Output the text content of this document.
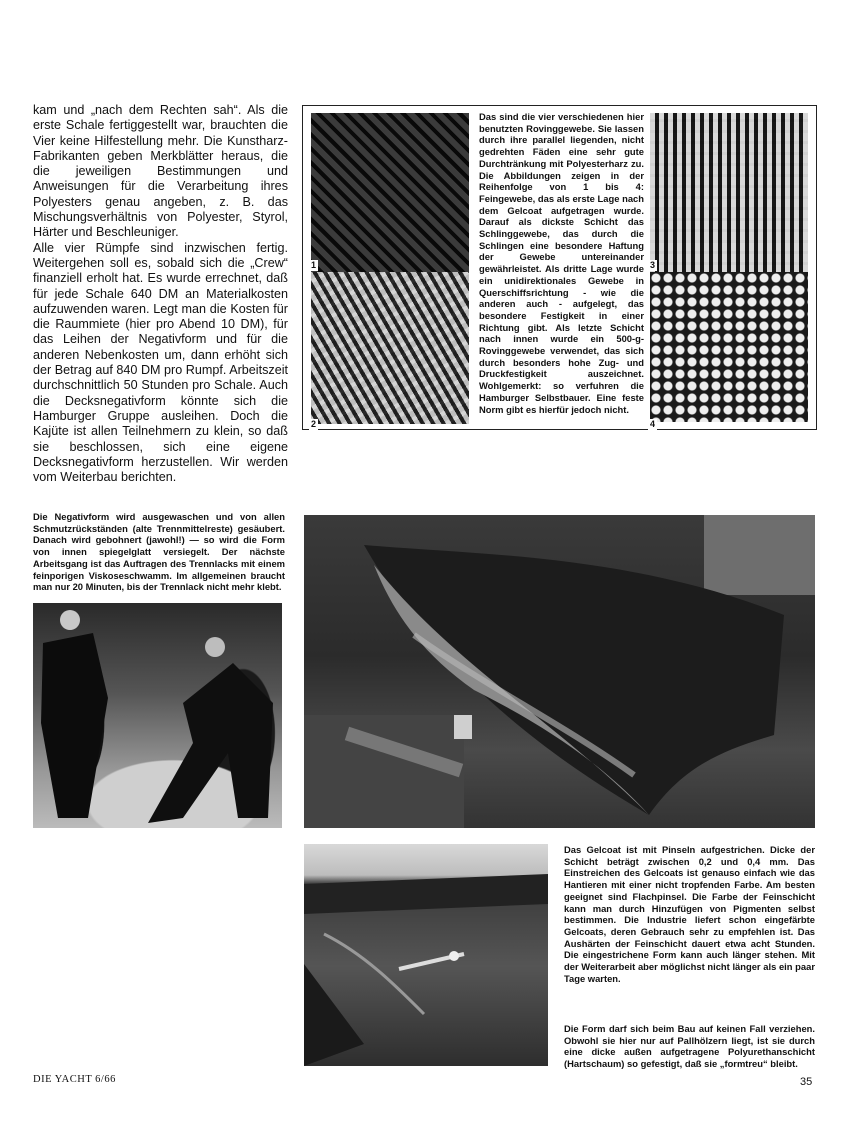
kam und „nach dem Rechten sah“. Als die erste Schale fertiggestellt war, brauchten die Vier keine Hilfestellung mehr. Die Kunstharz-Fabrikanten geben Merkblätter heraus, die die jeweiligen Bestimmungen und Anweisungen für die Verarbeitung ihres Polyesters genau angeben, z. B. das Mischungsverhältnis von Polyester, Styrol, Härter und Beschleuniger.

Alle vier Rümpfe sind inzwischen fertig. Weitergehen soll es, sobald sich die „Crew“ finanziell erholt hat. Es wurde errechnet, daß für jede Schale 640 DM an Materialkosten aufzuwenden waren. Legt man die Kosten für die Raummiete (hier pro Abend 10 DM), für das Leihen der Negativform und für die anderen Nebenkosten um, dann erhöht sich der Betrag auf 840 DM pro Rumpf. Arbeitszeit durchschnittlich 50 Stunden pro Schale. Auch die Decksnegativform könnte sich die Hamburger Gruppe ausleihen. Doch die Kajüte ist allen Teilnehmern zu klein, so daß sie beschlossen, sich eine eigene Decksnegativform herzustellen. Wir werden vom Weiterbau berichten.

1
2
Das sind die vier verschiedenen hier benutzten Rovinggewebe. Sie lassen durch ihre parallel liegenden, nicht gedrehten Fäden eine sehr gute Durchtränkung mit Polyesterharz zu. Die Abbildungen zeigen in der Reihenfolge von 1 bis 4: Feingewebe, das als erste Lage nach dem Gelcoat aufgetragen wurde. Darauf als dickste Schicht das Schlinggewebe, das durch die Schlingen eine besondere Haftung der Gewebe untereinander gewährleistet. Als dritte Lage wurde ein unidirektionales Gewebe in Querschiffsrichtung - wie die anderen auch - aufgelegt, das besondere Festigkeit in einer Richtung gibt. Als letzte Schicht nach innen wurde ein 500-g-Rovinggewebe verwendet, das sich durch besonders hohe Zug- und Druckfestigkeit auszeichnet. Wohlgemerkt: so verfuhren die Hamburger Selbstbauer. Eine feste Norm gibt es hierfür jedoch nicht.
3
4
Die Negativform wird ausgewaschen und von allen Schmutzrückständen (alte Trennmittelreste) gesäubert. Danach wird gebohnert (jawohl!) — so wird die Form von innen spiegelglatt versiegelt. Der nächste Arbeitsgang ist das Auftragen des Trennlacks mit einem feinporigen Viskoseschwamm. Im allgemeinen braucht man nur 20 Minuten, bis der Trennlack nicht mehr klebt.
Das Gelcoat ist mit Pinseln aufgestrichen. Dicke der Schicht beträgt zwischen 0,2 und 0,4 mm. Das Einstreichen des Gelcoats ist genauso einfach wie das Hantieren mit einer nicht tropfenden Farbe. Am besten geeignet sind Flachpinsel. Die Farbe der Feinschicht kann man durch Hinzufügen von Pigmenten selbst bestimmen. Die Industrie liefert schon eingefärbte Gelcoats, deren Gebrauch sehr zu empfehlen ist. Das Aushärten der Feinschicht dauert etwa acht Stunden. Die eingestrichene Form kann auch länger stehen. Mit der Weiterarbeit aber möglichst nicht länger als ein paar Tage warten.
Die Form darf sich beim Bau auf keinen Fall verziehen. Obwohl sie hier nur auf Pallhölzern liegt, ist sie durch eine dicke außen aufgetragene Polyurethanschicht (Hartschaum) so gefestigt, daß sie „formtreu“ bleibt.
DIE YACHT 6/66	35
